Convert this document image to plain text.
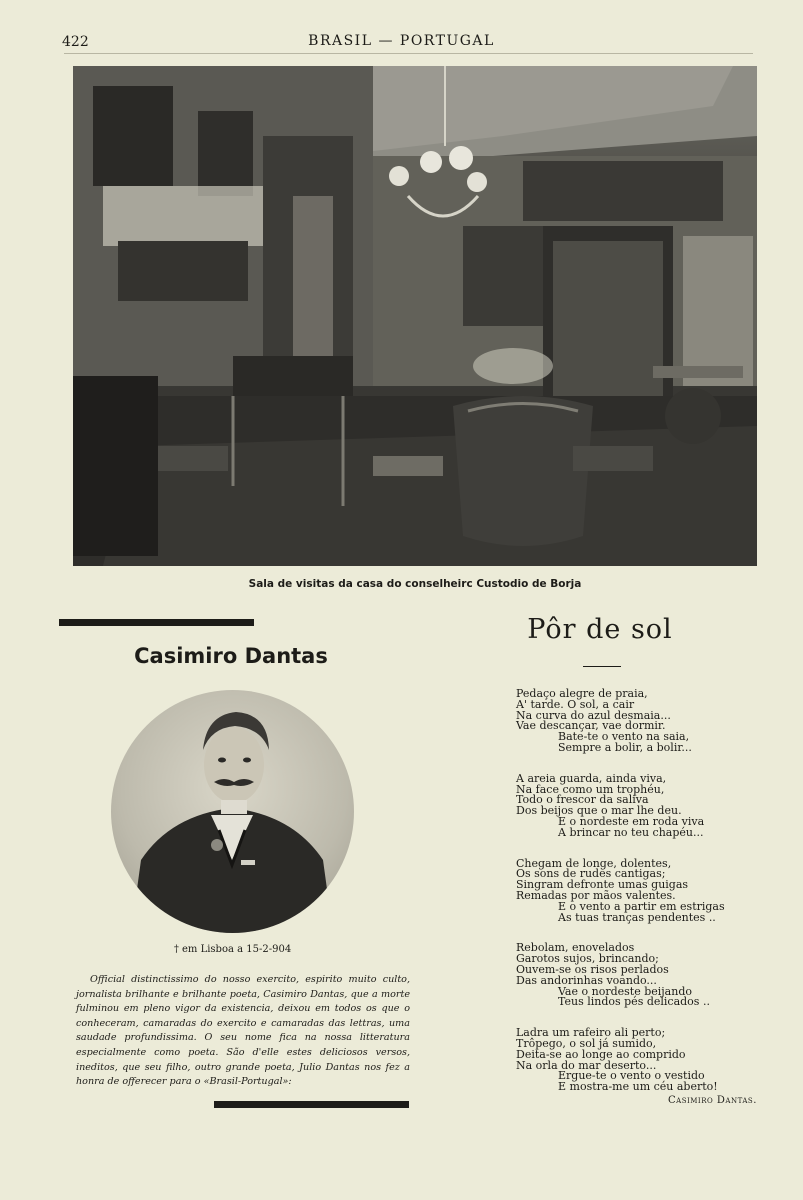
422	BRASIL — PORTUGAL
Sala de visitas da casa do conselheirc Custodio de Borja
Casimiro Dantas
† em Lisboa a 15-2-904
Official distinctissimo do nosso exercito, espirito muito culto, jornalista brilhante e brilhante poeta, Casimiro Dantas, que a morte fulminou em pleno vigor da existencia, deixou em todos os que o conheceram, camaradas do exercito e camaradas das lettras, uma saudade profundissima. O seu nome fica na nossa litteratura especialmente como poeta. São d'elle estes deliciosos versos, ineditos, que seu filho, outro grande poeta, Julio Dantas nos fez a honra de offerecer para o «Brasil-Portugal»:
Pôr de sol
Pedaço alegre de praia,
A' tarde. O sol, a cair
Na curva do azul desmaia...
Vae descançar, vae dormir.
Bate-te o vento na saia,
Sempre a bolir, a bolir...
A areia guarda, ainda viva,
Na face como um trophéu,
Todo o frescor da saliva
Dos beijos que o mar lhe deu.
E o nordeste em roda viva
A brincar no teu chapéu...
Chegam de longe, dolentes,
Os sons de rudes cantigas;
Singram defronte umas guigas
Remadas por mãos valentes.
E o vento a partir em estrigas
As tuas tranças pendentes ..
Rebolam, enovelados
Garotos sujos, brincando;
Ouvem-se os risos perlados
Das andorinhas voando...
Vae o nordeste beijando
Teus lindos pés delicados ..
Ladra um rafeiro ali perto;
Trôpego, o sol já sumido,
Deita-se ao longe ao comprido
Na orla do mar deserto...
Ergue-te o vento o vestido
E mostra-me um céu aberto!
Casimiro Dantas.
